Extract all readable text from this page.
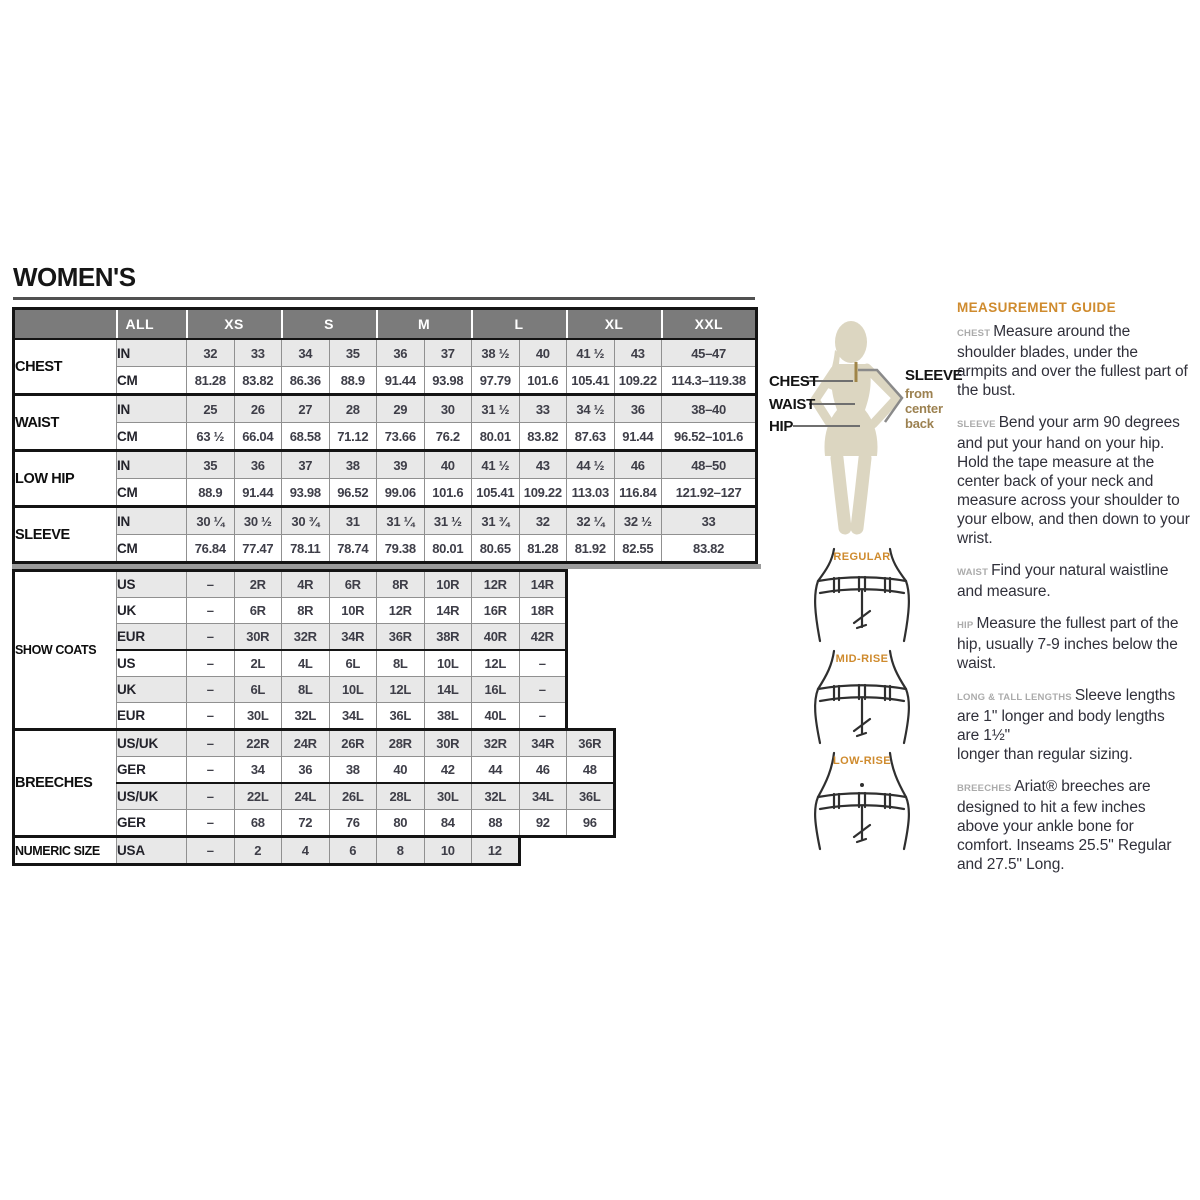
WOMEN'S
	ALL	XS		S		M		L		XL		XXL
CHEST	IN	32	33	34	35	36	37	38 ½	40	41 ½	43	45–47
	CM	81.28	83.82	86.36	88.9	91.44	93.98	97.79	101.6	105.41	109.22	114.3–119.38
WAIST	IN	25	26	27	28	29	30	31 ½	33	34 ½	36	38–40
	CM	63 ½	66.04	68.58	71.12	73.66	76.2	80.01	83.82	87.63	91.44	96.52–101.6
LOW HIP	IN	35	36	37	38	39	40	41 ½	43	44 ½	46	48–50
	CM	88.9	91.44	93.98	96.52	99.06	101.6	105.41	109.22	113.03	116.84	121.92–127
SLEEVE	IN	30 ¼	30 ½	30 ¾	31	31 ¼	31 ½	31 ¾	32	32 ¼	32 ½	33
	CM	76.84	77.47	78.11	78.74	79.38	80.01	80.65	81.28	81.92	82.55	83.82
SHOW COATS	US	–	2R	4R	6R	8R	10R	12R	14R
	UK	–	6R	8R	10R	12R	14R	16R	18R
	EUR	–	30R	32R	34R	36R	38R	40R	42R
	US	–	2L	4L	6L	8L	10L	12L	–
	UK	–	6L	8L	10L	12L	14L	16L	–
	EUR	–	30L	32L	34L	36L	38L	40L	–
BREECHES	US/UK	–	22R	24R	26R	28R	30R	32R	34R	36R
	GER	–	34	36	38	40	42	44	46	48
	US/UK	–	22L	24L	26L	28L	30L	32L	34L	36L
	GER	–	68	72	76	80	84	88	92	96
NUMERIC SIZE	USA	–	2	4	6	8	10	12
CHEST
WAIST
HIP
SLEEVE
from center back
REGULAR
MID-RISE
LOW-RISE
MEASUREMENT GUIDE

CHEST Measure around the shoulder blades, under the armpits and over the fullest part of the bust.

SLEEVE Bend your arm 90 degrees and put your hand on your hip. Hold the tape measure at the center back of your neck and measure across your shoulder to your elbow, and then down to your wrist.

WAIST Find your natural waistline and measure.

HIP Measure the fullest part of the hip, usually 7-9 inches below the waist.

LONG & TALL LENGTHS Sleeve lengths are 1" longer and body lengths are 1½"
longer than regular sizing.

BREECHES Ariat® breeches are designed to hit a few inches above your ankle bone for comfort. Inseams 25.5" Regular and 27.5" Long.
